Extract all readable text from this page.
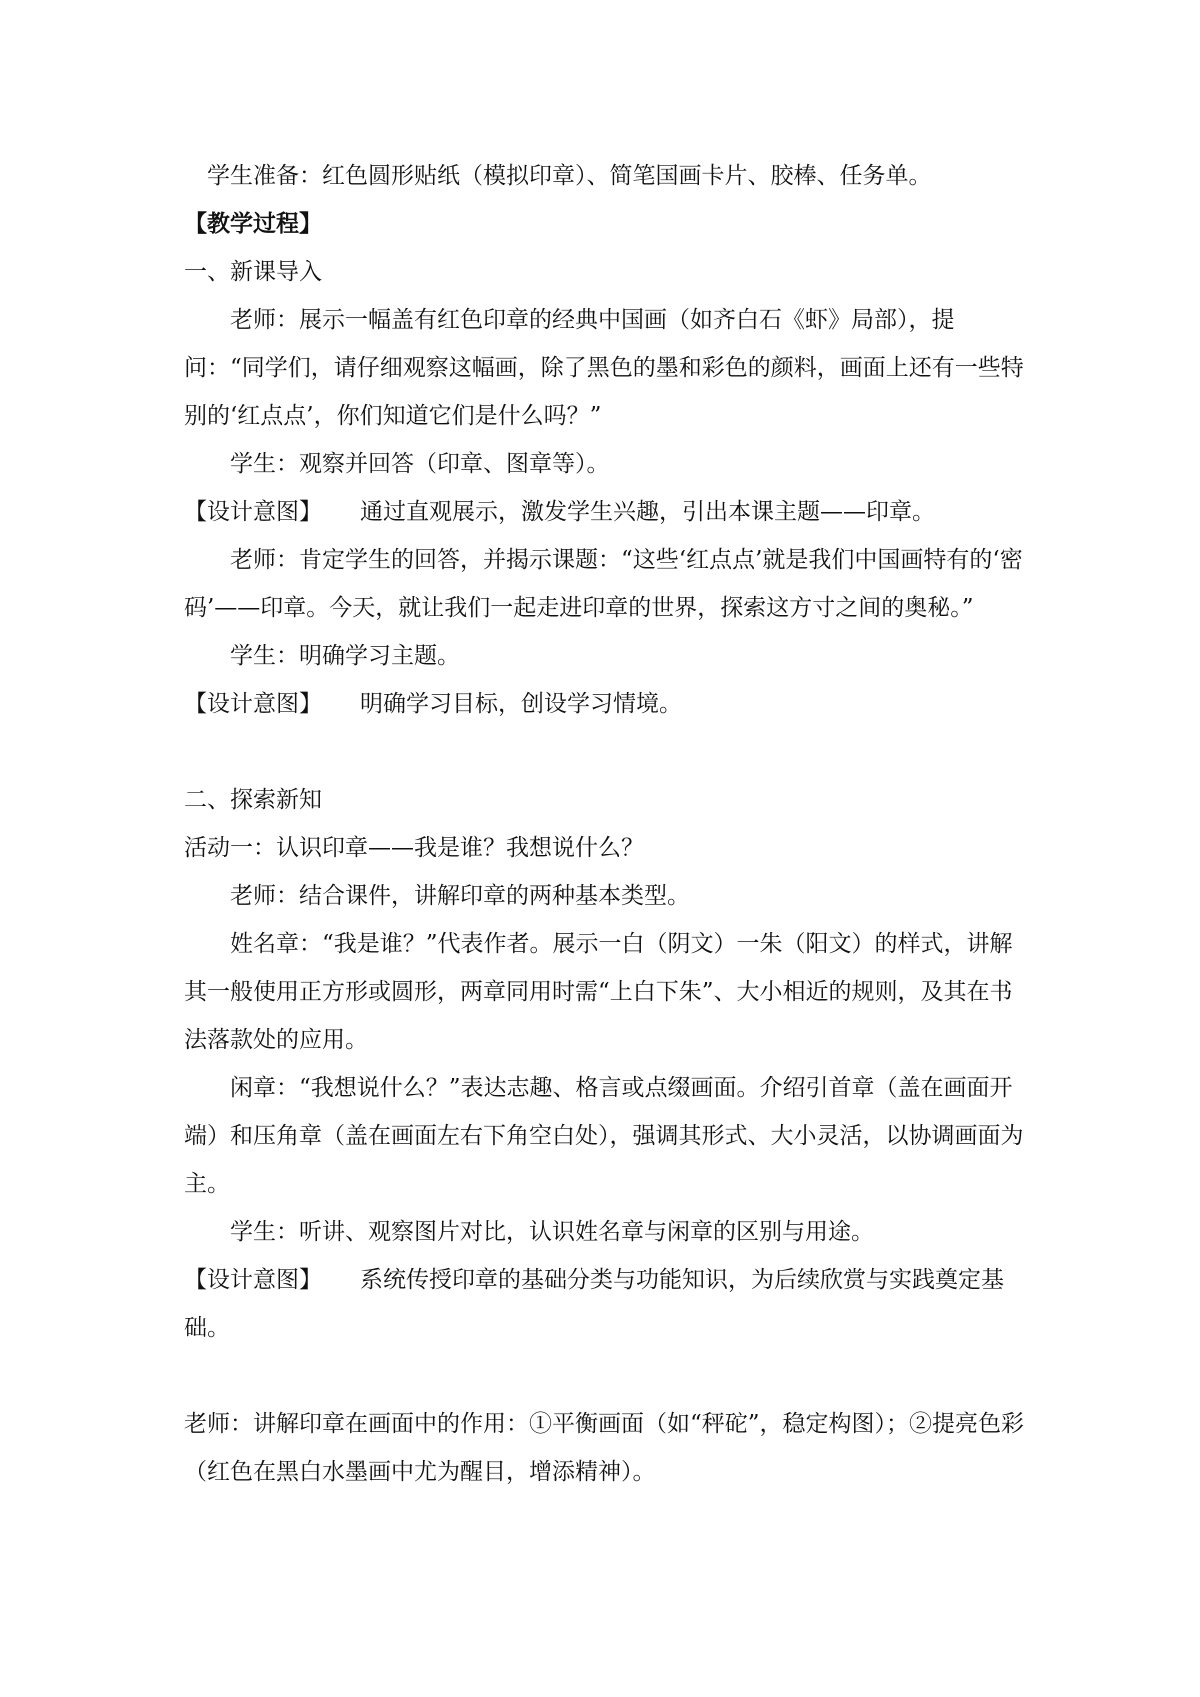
学生准备：红色圆形贴纸（模拟印章）、简笔国画卡片、胶棒、任务单。
【教学过程】
一、新课导入
老师：展示一幅盖有红色印章的经典中国画（如齐白石《虾》局部），提问：“同学们，请仔细观察这幅画，除了黑色的墨和彩色的颜料，画面上还有一些特别的‘红点点’，你们知道它们是什么吗？”
学生：观察并回答（印章、图章等）。
【设计意图】 通过直观展示，激发学生兴趣，引出本课主题——印章。
老师：肯定学生的回答，并揭示课题：“这些‘红点点’就是我们中国画特有的‘密码’——印章。今天，就让我们一起走进印章的世界，探索这方寸之间的奥秘。”
学生：明确学习主题。
【设计意图】 明确学习目标，创设学习情境。
二、探索新知
活动一：认识印章——我是谁？我想说什么？
老师：结合课件，讲解印章的两种基本类型。
姓名章：“我是谁？”代表作者。展示一白（阴文）一朱（阳文）的样式，讲解其一般使用正方形或圆形，两章同用时需“上白下朱”、大小相近的规则，及其在书法落款处的应用。
闲章：“我想说什么？”表达志趣、格言或点缀画面。介绍引首章（盖在画面开端）和压角章（盖在画面左右下角空白处），强调其形式、大小灵活，以协调画面为主。
学生：听讲、观察图片对比，认识姓名章与闲章的区别与用途。
【设计意图】 系统传授印章的基础分类与功能知识，为后续欣赏与实践奠定基础。
老师：讲解印章在画面中的作用：①平衡画面（如“秤砣”，稳定构图）；②提亮色彩（红色在黑白水墨画中尤为醒目，增添精神）。
